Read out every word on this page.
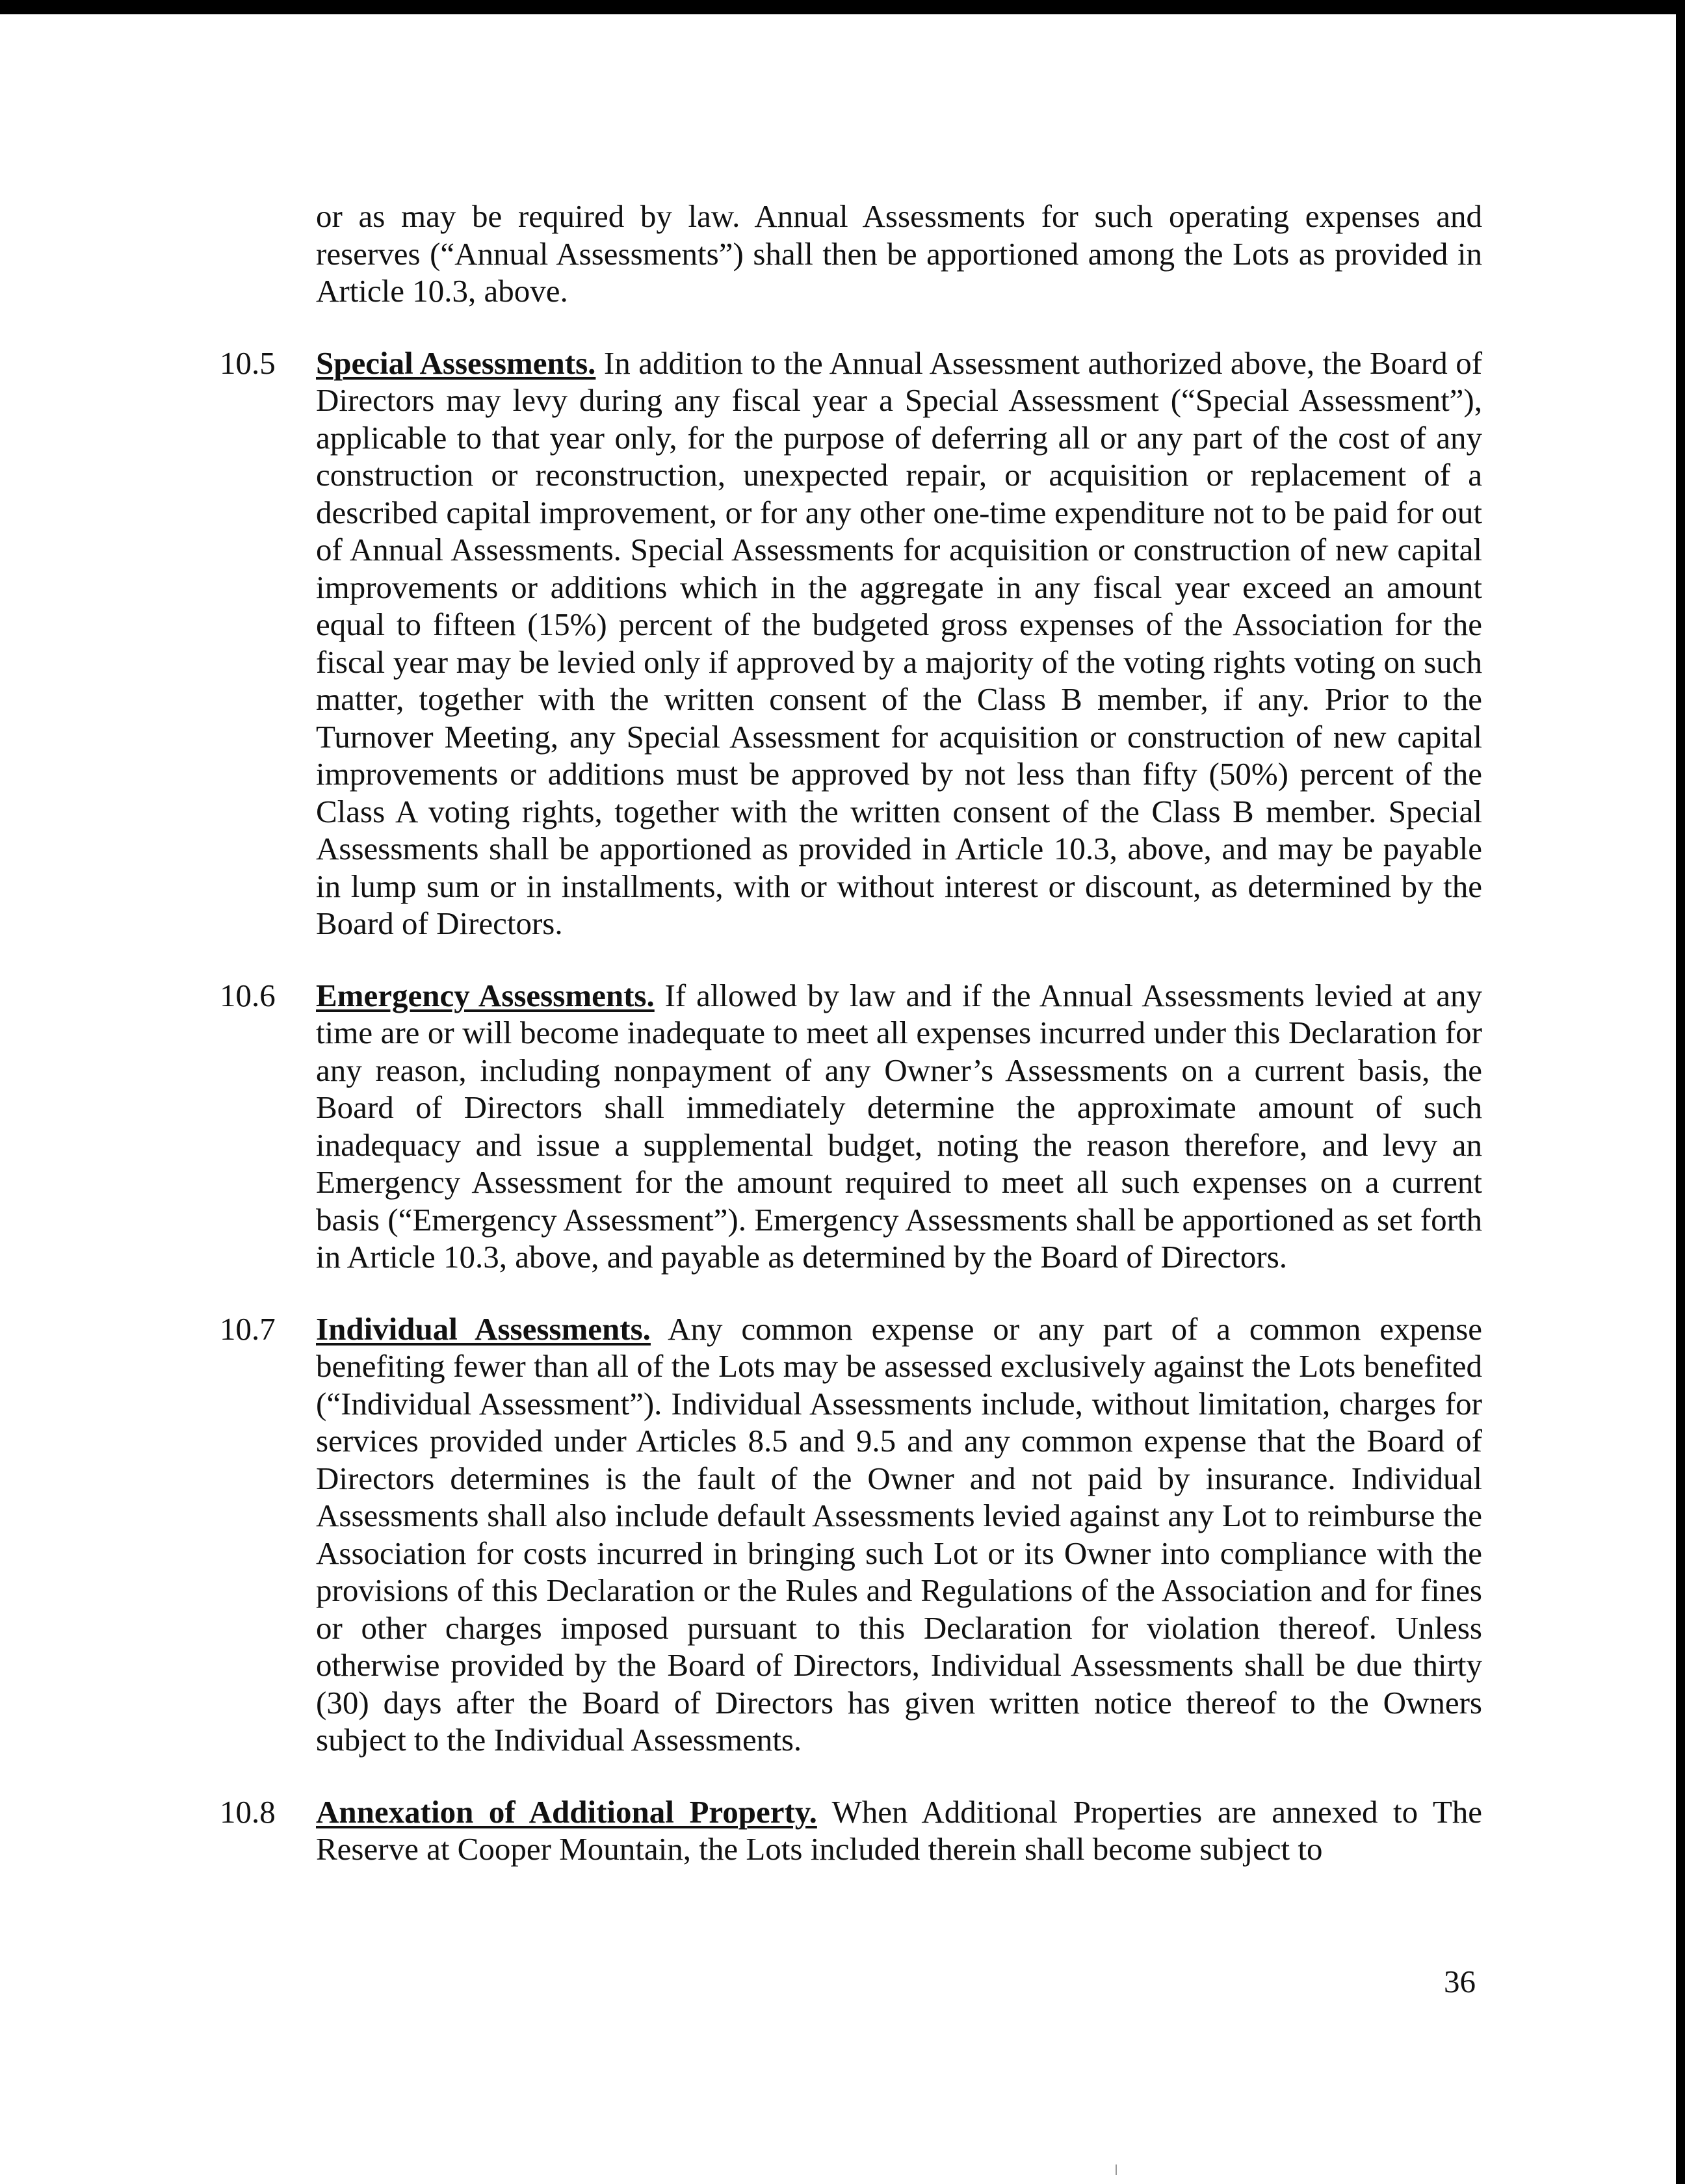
or as may be required by law. Annual Assessments for such operating expenses and reserves (“Annual Assessments”) shall then be apportioned among the Lots as provided in Article 10.3, above.

10.5 Special Assessments. In addition to the Annual Assessment authorized above, the Board of Directors may levy during any fiscal year a Special Assessment (“Special Assessment”), applicable to that year only, for the purpose of deferring all or any part of the cost of any construction or reconstruction, unexpected repair, or acquisition or replacement of a described capital improvement, or for any other one-time expenditure not to be paid for out of Annual Assessments. Special Assessments for acquisition or construction of new capital improvements or additions which in the aggregate in any fiscal year exceed an amount equal to fifteen (15%) percent of the budgeted gross expenses of the Association for the fiscal year may be levied only if approved by a majority of the voting rights voting on such matter, together with the written consent of the Class B member, if any. Prior to the Turnover Meeting, any Special Assessment for acquisition or construction of new capital improvements or additions must be approved by not less than fifty (50%) percent of the Class A voting rights, together with the written consent of the Class B member. Special Assessments shall be apportioned as provided in Article 10.3, above, and may be payable in lump sum or in installments, with or without interest or discount, as determined by the Board of Directors.

10.6 Emergency Assessments. If allowed by law and if the Annual Assessments levied at any time are or will become inadequate to meet all expenses incurred under this Declaration for any reason, including nonpayment of any Owner’s Assessments on a current basis, the Board of Directors shall immediately determine the approximate amount of such inadequacy and issue a supplemental budget, noting the reason therefore, and levy an Emergency Assessment for the amount required to meet all such expenses on a current basis (“Emergency Assessment”). Emergency Assessments shall be apportioned as set forth in Article 10.3, above, and payable as determined by the Board of Directors.

10.7 Individual Assessments. Any common expense or any part of a common expense benefiting fewer than all of the Lots may be assessed exclusively against the Lots benefited (“Individual Assessment”). Individual Assessments include, without limitation, charges for services provided under Articles 8.5 and 9.5 and any common expense that the Board of Directors determines is the fault of the Owner and not paid by insurance. Individual Assessments shall also include default Assessments levied against any Lot to reimburse the Association for costs incurred in bringing such Lot or its Owner into compliance with the provisions of this Declaration or the Rules and Regulations of the Association and for fines or other charges imposed pursuant to this Declaration for violation thereof. Unless otherwise provided by the Board of Directors, Individual Assessments shall be due thirty (30) days after the Board of Directors has given written notice thereof to the Owners subject to the Individual Assessments.

10.8 Annexation of Additional Property. When Additional Properties are annexed to The Reserve at Cooper Mountain, the Lots included therein shall become subject to

36
